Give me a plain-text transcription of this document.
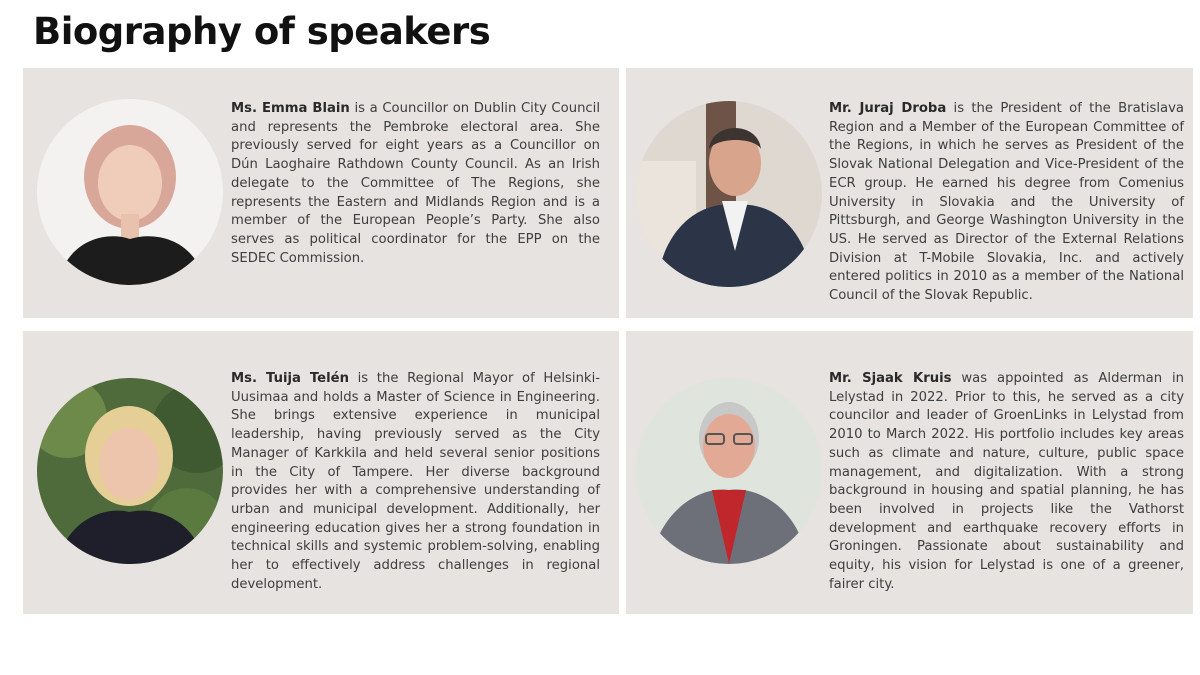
Biography of speakers

Ms. Emma Blain is a Councillor on Dublin City Council and represents the Pembroke electoral area. She previously served for eight years as a Councillor on Dún Laoghaire Rathdown County Council. As an Irish delegate to the Committee of The Regions, she represents the Eastern and Midlands Region and is a member of the European People’s Party. She also serves as political coordinator for the EPP on the SEDEC Commission.

Mr. Juraj Droba is the President of the Bratislava Region and a Member of the European Committee of the Regions, in which he serves as President of the Slovak National Delegation and Vice-President of the ECR group. He earned his degree from Comenius University in Slovakia and the University of Pittsburgh, and George Washington University in the US. He served as Director of the External Relations Division at T-Mobile Slovakia, Inc. and actively entered politics in 2010 as a member of the National Council of the Slovak Republic.

Ms. Tuija Telén is the Regional Mayor of Helsinki-Uusimaa and holds a Master of Science in Engineering. She brings extensive experience in municipal leadership, having previously served as the City Manager of Karkkila and held several senior positions in the City of Tampere. Her diverse background provides her with a comprehensive understanding of urban and municipal development. Additionally, her engineering education gives her a strong foundation in technical skills and systemic problem-solving, enabling her to effectively address challenges in regional development.

Mr. Sjaak Kruis was appointed as Alderman in Lelystad in 2022. Prior to this, he served as a city councilor and leader of GroenLinks in Lelystad from 2010 to March 2022. His portfolio includes key areas such as climate and nature, culture, public space management, and digitalization. With a strong background in housing and spatial planning, he has been involved in projects like the Vathorst development and earthquake recovery efforts in Groningen. Passionate about sustainability and equity, his vision for Lelystad is one of a greener, fairer city.
